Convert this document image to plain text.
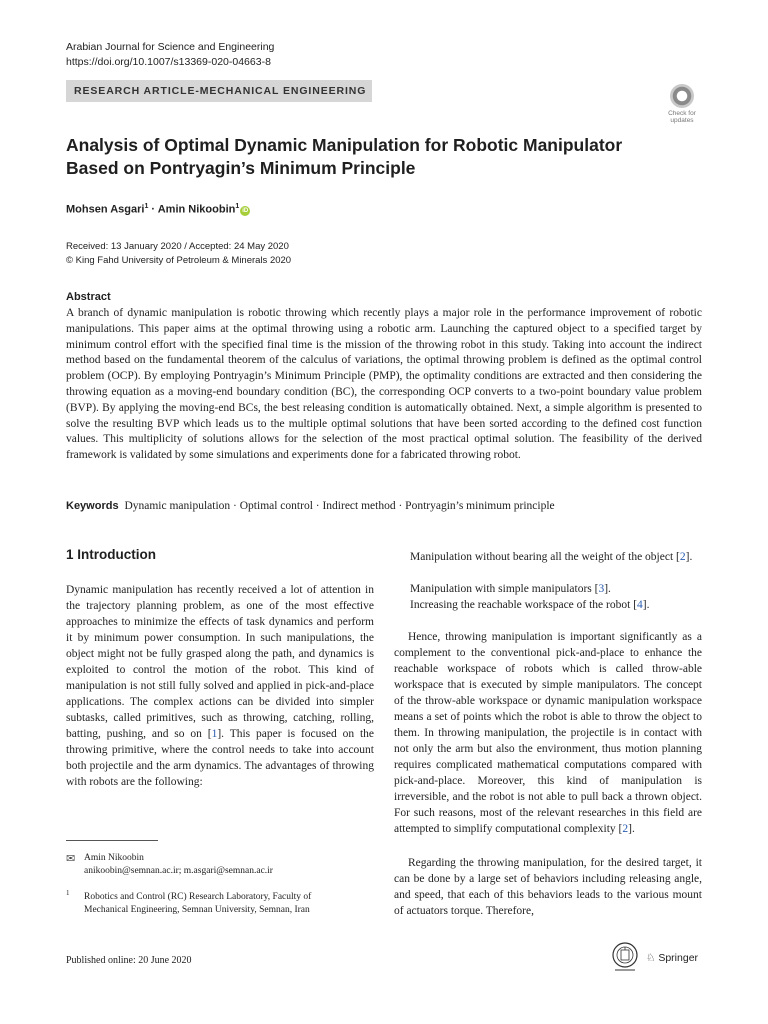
Arabian Journal for Science and Engineering
https://doi.org/10.1007/s13369-020-04663-8
RESEARCH ARTICLE-MECHANICAL ENGINEERING
Check for updates
Analysis of Optimal Dynamic Manipulation for Robotic Manipulator
Based on Pontryagin’s Minimum Principle
Mohsen Asgari$^1$ · Amin Nikoobin$^1$iD
Received: 13 January 2020 / Accepted: 24 May 2020
© King Fahd University of Petroleum & Minerals 2020
Abstract
A branch of dynamic manipulation is robotic throwing which recently plays a major role in the performance improvement of robotic manipulations. This paper aims at the optimal throwing using a robotic arm. Launching the captured object to a specified target by minimum control effort with the specified final time is the mission of the throwing robot in this study. Taking into account the indirect method based on the fundamental theorem of the calculus of variations, the optimal throwing problem is defined as the optimal control problem (OCP). By employing Pontryagin’s Minimum Principle (PMP), the optimality conditions are extracted and then considering the throwing equation as a moving-end boundary condition (BC), the corresponding OCP converts to a two-point boundary value problem (BVP). By applying the moving-end BCs, the best releasing condition is automatically obtained. Next, a simple algorithm is presented to solve the resulting BVP which leads us to the multiple optimal solutions that have been sorted according to the defined cost function values. This multiplicity of solutions allows for the selection of the most practical optimal solution. The feasibility of the derived framework is validated by some simulations and experiments done for a fabricated throwing robot.
Keywords Dynamic manipulation · Optimal control · Indirect method · Pontryagin’s minimum principle
1 Introduction
Dynamic manipulation has recently received a lot of attention in the trajectory planning problem, as one of the most effective approaches to minimize the effects of task dynamics and perform it by minimum power consumption. In such manipulations, the object might not be fully grasped along the path, and dynamics is exploited to control the motion of the robot. This kind of manipulation is not still fully solved and applied in pick-and-place applications. The complex actions can be divided into simpler subtasks, called primitives, such as throwing, catching, rolling, batting, pushing, and so on [1]. This paper is focused on the throwing primitive, where the control needs to take into account both projectile and the arm dynamics. The advantages of throwing with robots are the following:
Manipulation without bearing all the weight of the object [2].
Manipulation with simple manipulators [3].
Increasing the reachable workspace of the robot [4].
Hence, throwing manipulation is important significantly as a complement to the conventional pick-and-place to enhance the reachable workspace of robots which is called throw-able workspace that is executed by simple manipulators. The concept of the throw-able workspace or dynamic manipulation workspace means a set of points which the robot is able to throw the object to them. In throwing manipulation, the projectile is in contact with not only the arm but also the environment, thus motion planning requires complicated mathematical computations compared with pick-and-place. Moreover, this kind of manipulation is irreversible, and the robot is not able to pull back a thrown object. For such reasons, most of the relevant researches in this field are attempted to simplify computational complexity [2].
Regarding the throwing manipulation, for the desired target, it can be done by a large set of behaviors including releasing angle, and speed, that each of this behaviors leads to the various mount of actuators torque. Therefore,
✉ Amin Nikoobin
anikoobin@semnan.ac.ir; m.asgari@semnan.ac.ir
1 Robotics and Control (RC) Research Laboratory, Faculty of Mechanical Engineering, Semnan University, Semnan, Iran
Published online: 20 June 2020	♘ Springer
